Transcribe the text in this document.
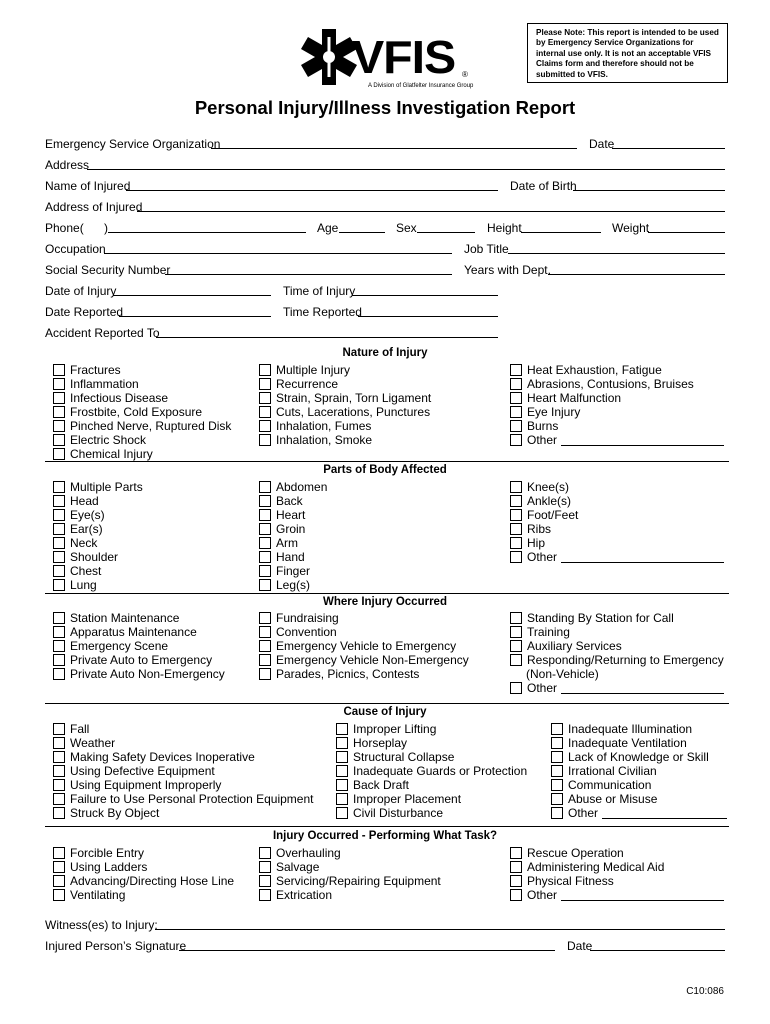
VFIS ®
A Division of Glatfelter Insurance Group
Please Note: This report is intended to be used by Emergency Service Organizations for internal use only. It is not an acceptable VFIS Claims form and therefore should not be submitted to VFIS.
Personal Injury/Illness Investigation Report
Emergency Service Organization	Date
Address
Name of Injured	Date of Birth
Address of Injured
Phone( )	Age	Sex	Height	Weight
Occupation	Job Title
Social Security Number	Years with Dept.
Date of Injury	Time of Injury
Date Reported	Time Reported
Accident Reported To
Nature of Injury
Fractures
Inflammation
Infectious Disease
Frostbite, Cold Exposure
Pinched Nerve, Ruptured Disk
Electric Shock
Chemical Injury
Multiple Injury
Recurrence
Strain, Sprain, Torn Ligament
Cuts, Lacerations, Punctures
Inhalation, Fumes
Inhalation, Smoke
Heat Exhaustion, Fatigue
Abrasions, Contusions, Bruises
Heart Malfunction
Eye Injury
Burns
Other
Parts of Body Affected
Multiple Parts
Head
Eye(s)
Ear(s)
Neck
Shoulder
Chest
Lung
Abdomen
Back
Heart
Groin
Arm
Hand
Finger
Leg(s)
Knee(s)
Ankle(s)
Foot/Feet
Ribs
Hip
Other
Where Injury Occurred
Station Maintenance
Apparatus Maintenance
Emergency Scene
Private Auto to Emergency
Private Auto Non-Emergency
Fundraising
Convention
Emergency Vehicle to Emergency
Emergency Vehicle Non-Emergency
Parades, Picnics, Contests
Standing By Station for Call
Training
Auxiliary Services
Responding/Returning to Emergency
(Non-Vehicle)
Other
Cause of Injury
Fall
Weather
Making Safety Devices Inoperative
Using Defective Equipment
Using Equipment Improperly
Failure to Use Personal Protection Equipment
Struck By Object
Improper Lifting
Horseplay
Structural Collapse
Inadequate Guards or Protection
Back Draft
Improper Placement
Civil Disturbance
Inadequate Illumination
Inadequate Ventilation
Lack of Knowledge or Skill
Irrational Civilian
Communication
Abuse or Misuse
Other
Injury Occurred - Performing What Task?
Forcible Entry
Using Ladders
Advancing/Directing Hose Line
Ventilating
Overhauling
Salvage
Servicing/Repairing Equipment
Extrication
Rescue Operation
Administering Medical Aid
Physical Fitness
Other
Witness(es) to Injury:
Injured Person’s Signature	Date
C10:086
